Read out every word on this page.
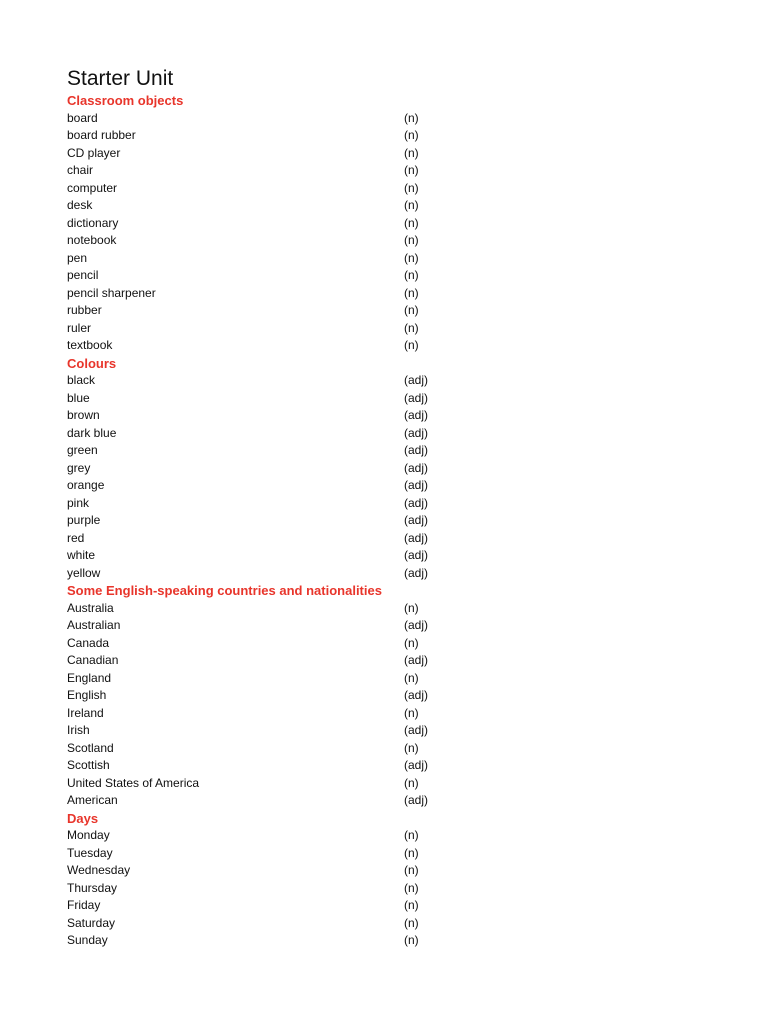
Starter Unit
Classroom objects
board	(n)
board rubber	(n)
CD player	(n)
chair	(n)
computer	(n)
desk	(n)
dictionary	(n)
notebook	(n)
pen	(n)
pencil	(n)
pencil sharpener	(n)
rubber	(n)
ruler	(n)
textbook	(n)
Colours
black	(adj)
blue	(adj)
brown	(adj)
dark blue	(adj)
green	(adj)
grey	(adj)
orange	(adj)
pink	(adj)
purple	(adj)
red	(adj)
white	(adj)
yellow	(adj)
Some English-speaking countries and nationalities
Australia	(n)
Australian	(adj)
Canada	(n)
Canadian	(adj)
England	(n)
English	(adj)
Ireland	(n)
Irish	(adj)
Scotland	(n)
Scottish	(adj)
United States of America	(n)
American	(adj)
Days
Monday	(n)
Tuesday	(n)
Wednesday	(n)
Thursday	(n)
Friday	(n)
Saturday	(n)
Sunday	(n)
